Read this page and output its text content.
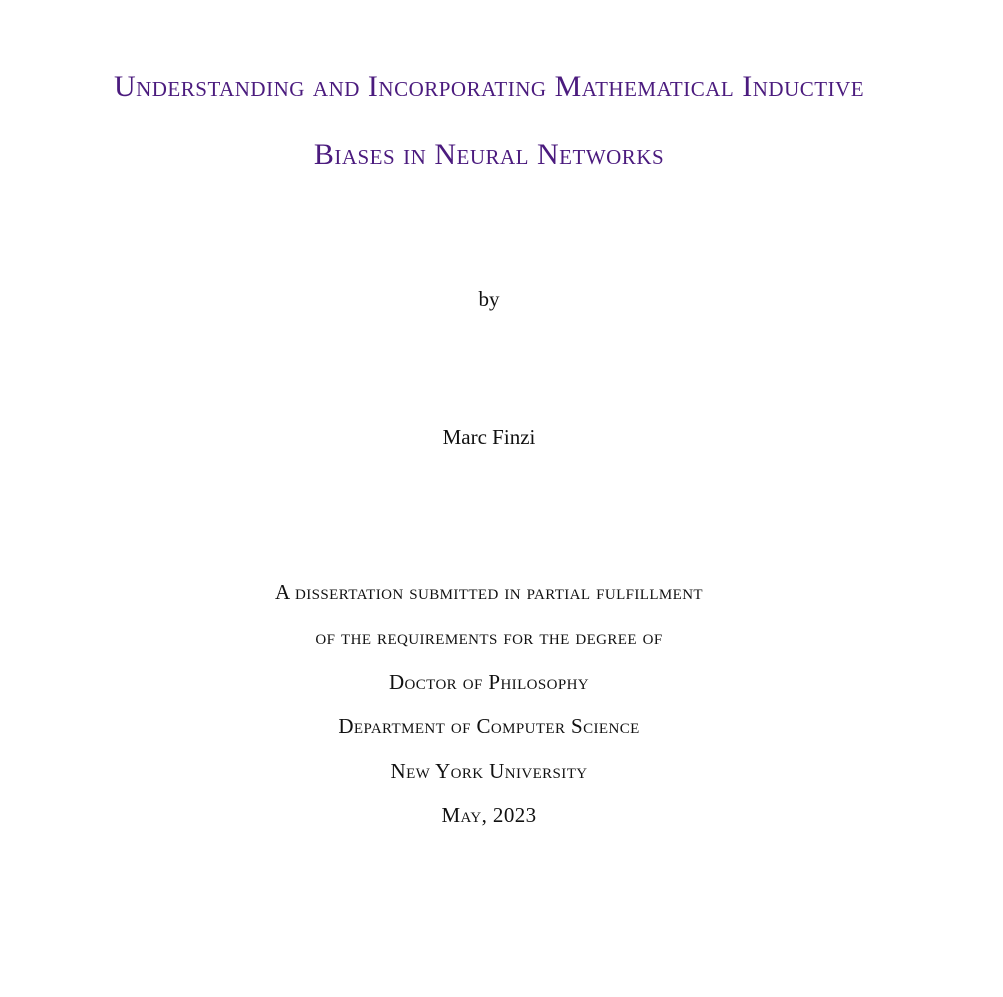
Understanding and Incorporating Mathematical Inductive
Biases in Neural Networks
by
Marc Finzi
A dissertation submitted in partial fulfillment
of the requirements for the degree of
Doctor of Philosophy
Department of Computer Science
New York University
May, 2023
